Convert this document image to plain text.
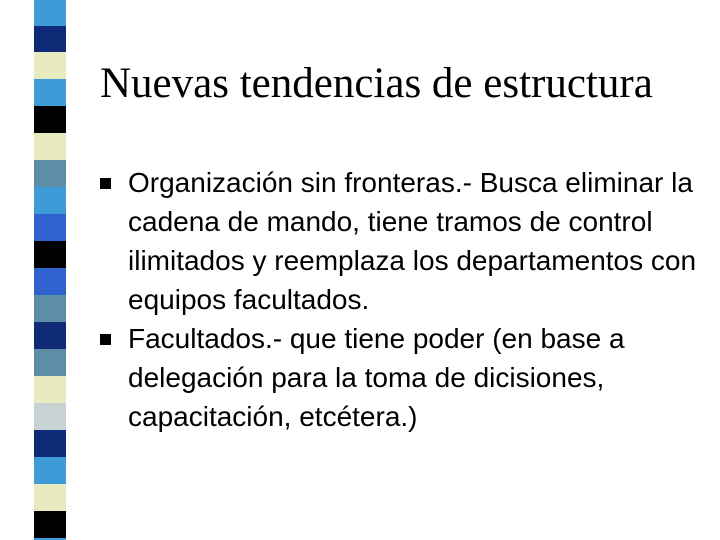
Nuevas tendencias de estructura
Organización sin fronteras.- Busca eliminar la cadena de mando, tiene tramos de control ilimitados y reemplaza los departamentos con equipos facultados.
Facultados.- que tiene poder (en base a delegación para la toma de dicisiones, capacitación, etcétera.)
